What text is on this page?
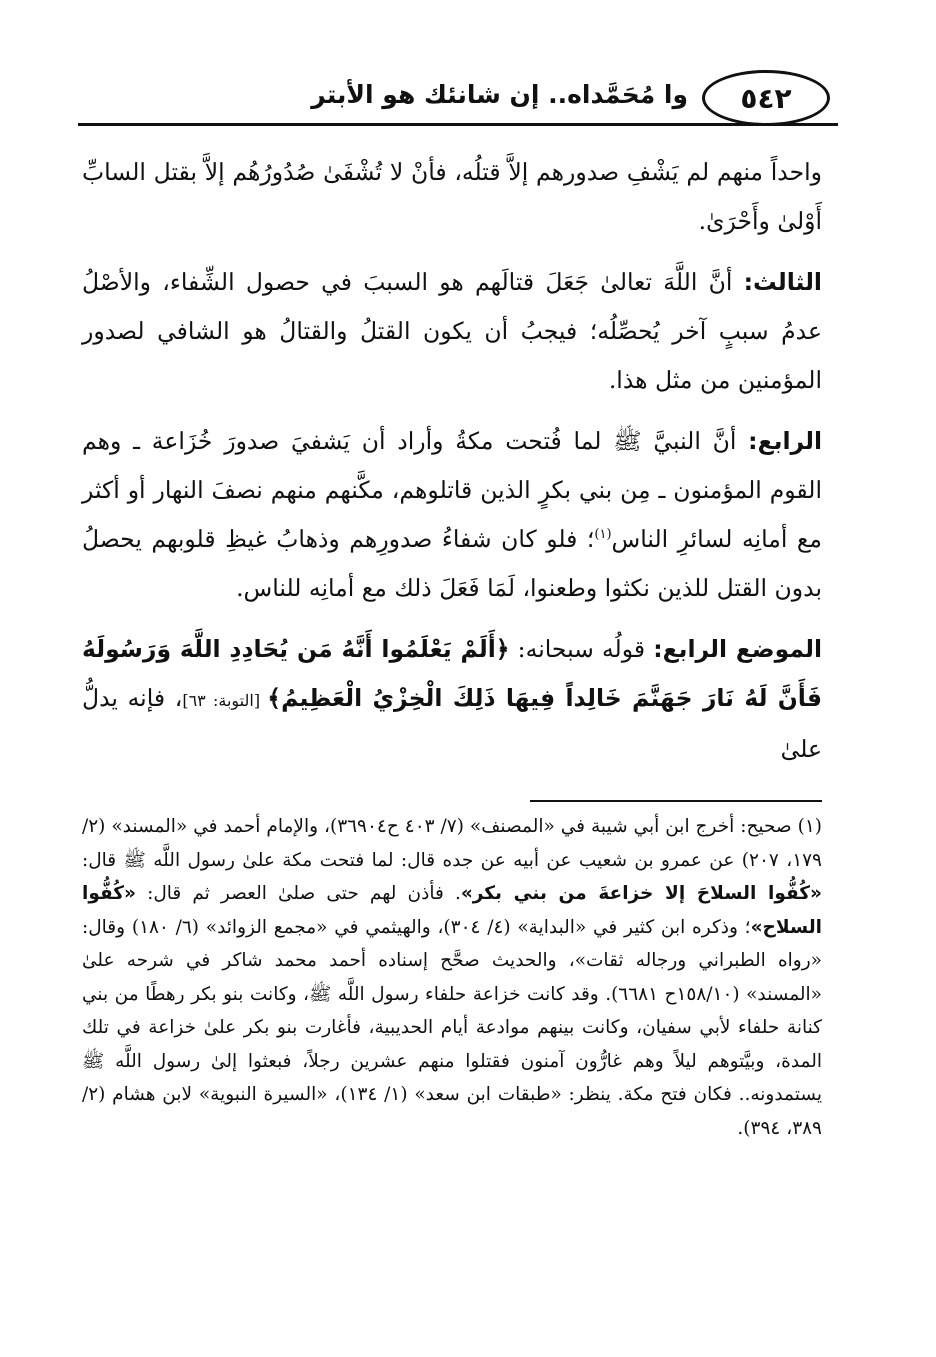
٥٤٢
وا مُحَمَّداه.. إن شانئك هو الأبتر

واحداً منهم لم يَشْفِ صدورهم إلاَّ قتلُه، فأنْ لا تُشْفَىٰ صُدُورُهُم إلاَّ بقتل السابِّ أَوْلىٰ وأَحْرَىٰ.

الثالث: أنَّ اللَّهَ تعالىٰ جَعَلَ قتالَهم هو السببَ في حصول الشِّفاء، والأصْلُ عدمُ سببٍ آخر يُحصِّلُه؛ فيجبُ أن يكون القتلُ والقتالُ هو الشافي لصدور المؤمنين من مثل هذا.

الرابع: أنَّ النبيَّ ﷺ لما فُتحت مكةُ وأراد أن يَشفيَ صدورَ خُزَاعة ـ وهم القوم المؤمنون ـ مِن بني بكرٍ الذين قاتلوهم، مكَّنهم منهم نصفَ النهار أو أكثر مع أمانِه لسائرِ الناس$^{(١)}$؛ فلو كان شفاءُ صدورِهم وذهابُ غيظِ قلوبهم يحصلُ بدون القتل للذين نكثوا وطعنوا، لَمَا فَعَلَ ذلك مع أمانِه للناس.

الموضع الرابع: قولُه سبحانه: ﴿أَلَمْ يَعْلَمُوا أَنَّهُ مَن يُحَادِدِ اللَّهَ وَرَسُولَهُ فَأَنَّ لَهُ نَارَ جَهَنَّمَ خَالِداً فِيهَا ذَلِكَ الْخِزْيُ الْعَظِيمُ﴾ [التوبة: ٦٣]، فإنه يدلُّ علىٰ

(١) صحيح: أخرج ابن أبي شيبة في «المصنف» (٧/ ٤٠٣ ح٣٦٩٠٤)، والإمام أحمد في «المسند» (٢/ ١٧٩، ٢٠٧) عن عمرو بن شعيب عن أبيه عن جده قال: لما فتحت مكة علىٰ رسول اللَّه ﷺ قال: «كُفُّوا السلاحَ إلا خزاعةَ من بني بكر». فأذن لهم حتى صلىٰ العصر ثم قال: «كُفُّوا السلاح»؛ وذكره ابن كثير في «البداية» (٤/ ٣٠٤)، والهيثمي في «مجمع الزوائد» (٦/ ١٨٠) وقال: «رواه الطبراني ورجاله ثقات»، والحديث صحَّح إسناده أحمد محمد شاكر في شرحه علىٰ «المسند» (١٥٨/١٠ح ٦٦٨١). وقد كانت خزاعة حلفاء رسول اللَّه ﷺ، وكانت بنو بكر رهطًا من بني كنانة حلفاء لأبي سفيان، وكانت بينهم موادعة أيام الحديبية، فأغارت بنو بكر علىٰ خزاعة في تلك المدة، وبيَّتوهم ليلاً وهم غارُّون آمنون فقتلوا منهم عشرين رجلاً، فبعثوا إلىٰ رسول اللَّه ﷺ يستمدونه.. فكان فتح مكة. ينظر: «طبقات ابن سعد» (١/ ١٣٤)، «السيرة النبوية» لابن هشام (٢/ ٣٨٩، ٣٩٤).
